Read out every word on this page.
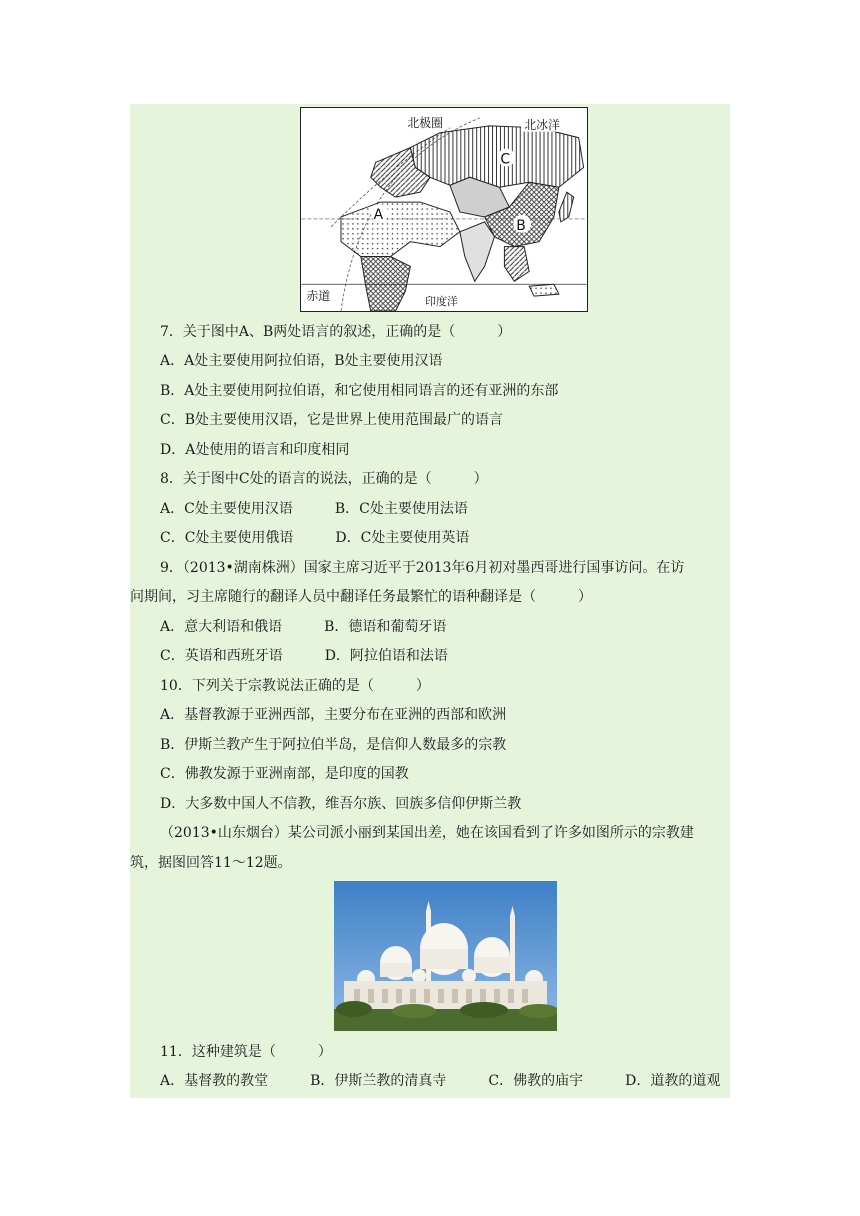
北极圈	北冰洋
赤道	印度洋
A
B
C
7．关于图中A、B两处语言的叙述，正确的是（　　　）
A．A处主要使用阿拉伯语，B处主要使用汉语
B．A处主要使用阿拉伯语，和它使用相同语言的还有亚洲的东部
C．B处主要使用汉语，它是世界上使用范围最广的语言
D．A处使用的语言和印度相同
8．关于图中C处的语言的说法，正确的是（　　　）
A．C处主要使用汉语　　　B．C处主要使用法语
C．C处主要使用俄语　　　D．C处主要使用英语
9．（2013•湖南株洲）国家主席习近平于2013年6月初对墨西哥进行国事访问。在访
问期间，习主席随行的翻译人员中翻译任务最繁忙的语种翻译是（　　　）
A．意大利语和俄语　　　B．德语和葡萄牙语
C．英语和西班牙语　　　D．阿拉伯语和法语
10．下列关于宗教说法正确的是（　　　）
A．基督教源于亚洲西部，主要分布在亚洲的西部和欧洲
B．伊斯兰教产生于阿拉伯半岛，是信仰人数最多的宗教
C．佛教发源于亚洲南部，是印度的国教
D．大多数中国人不信教，维吾尔族、回族多信仰伊斯兰教
（2013•山东烟台）某公司派小丽到某国出差，她在该国看到了许多如图所示的宗教建
筑，据图回答11～12题。
11．这种建筑是（　　　）
A．基督教的教堂　　　B．伊斯兰教的清真寺　　　C．佛教的庙宇　　　D．道教的道观
